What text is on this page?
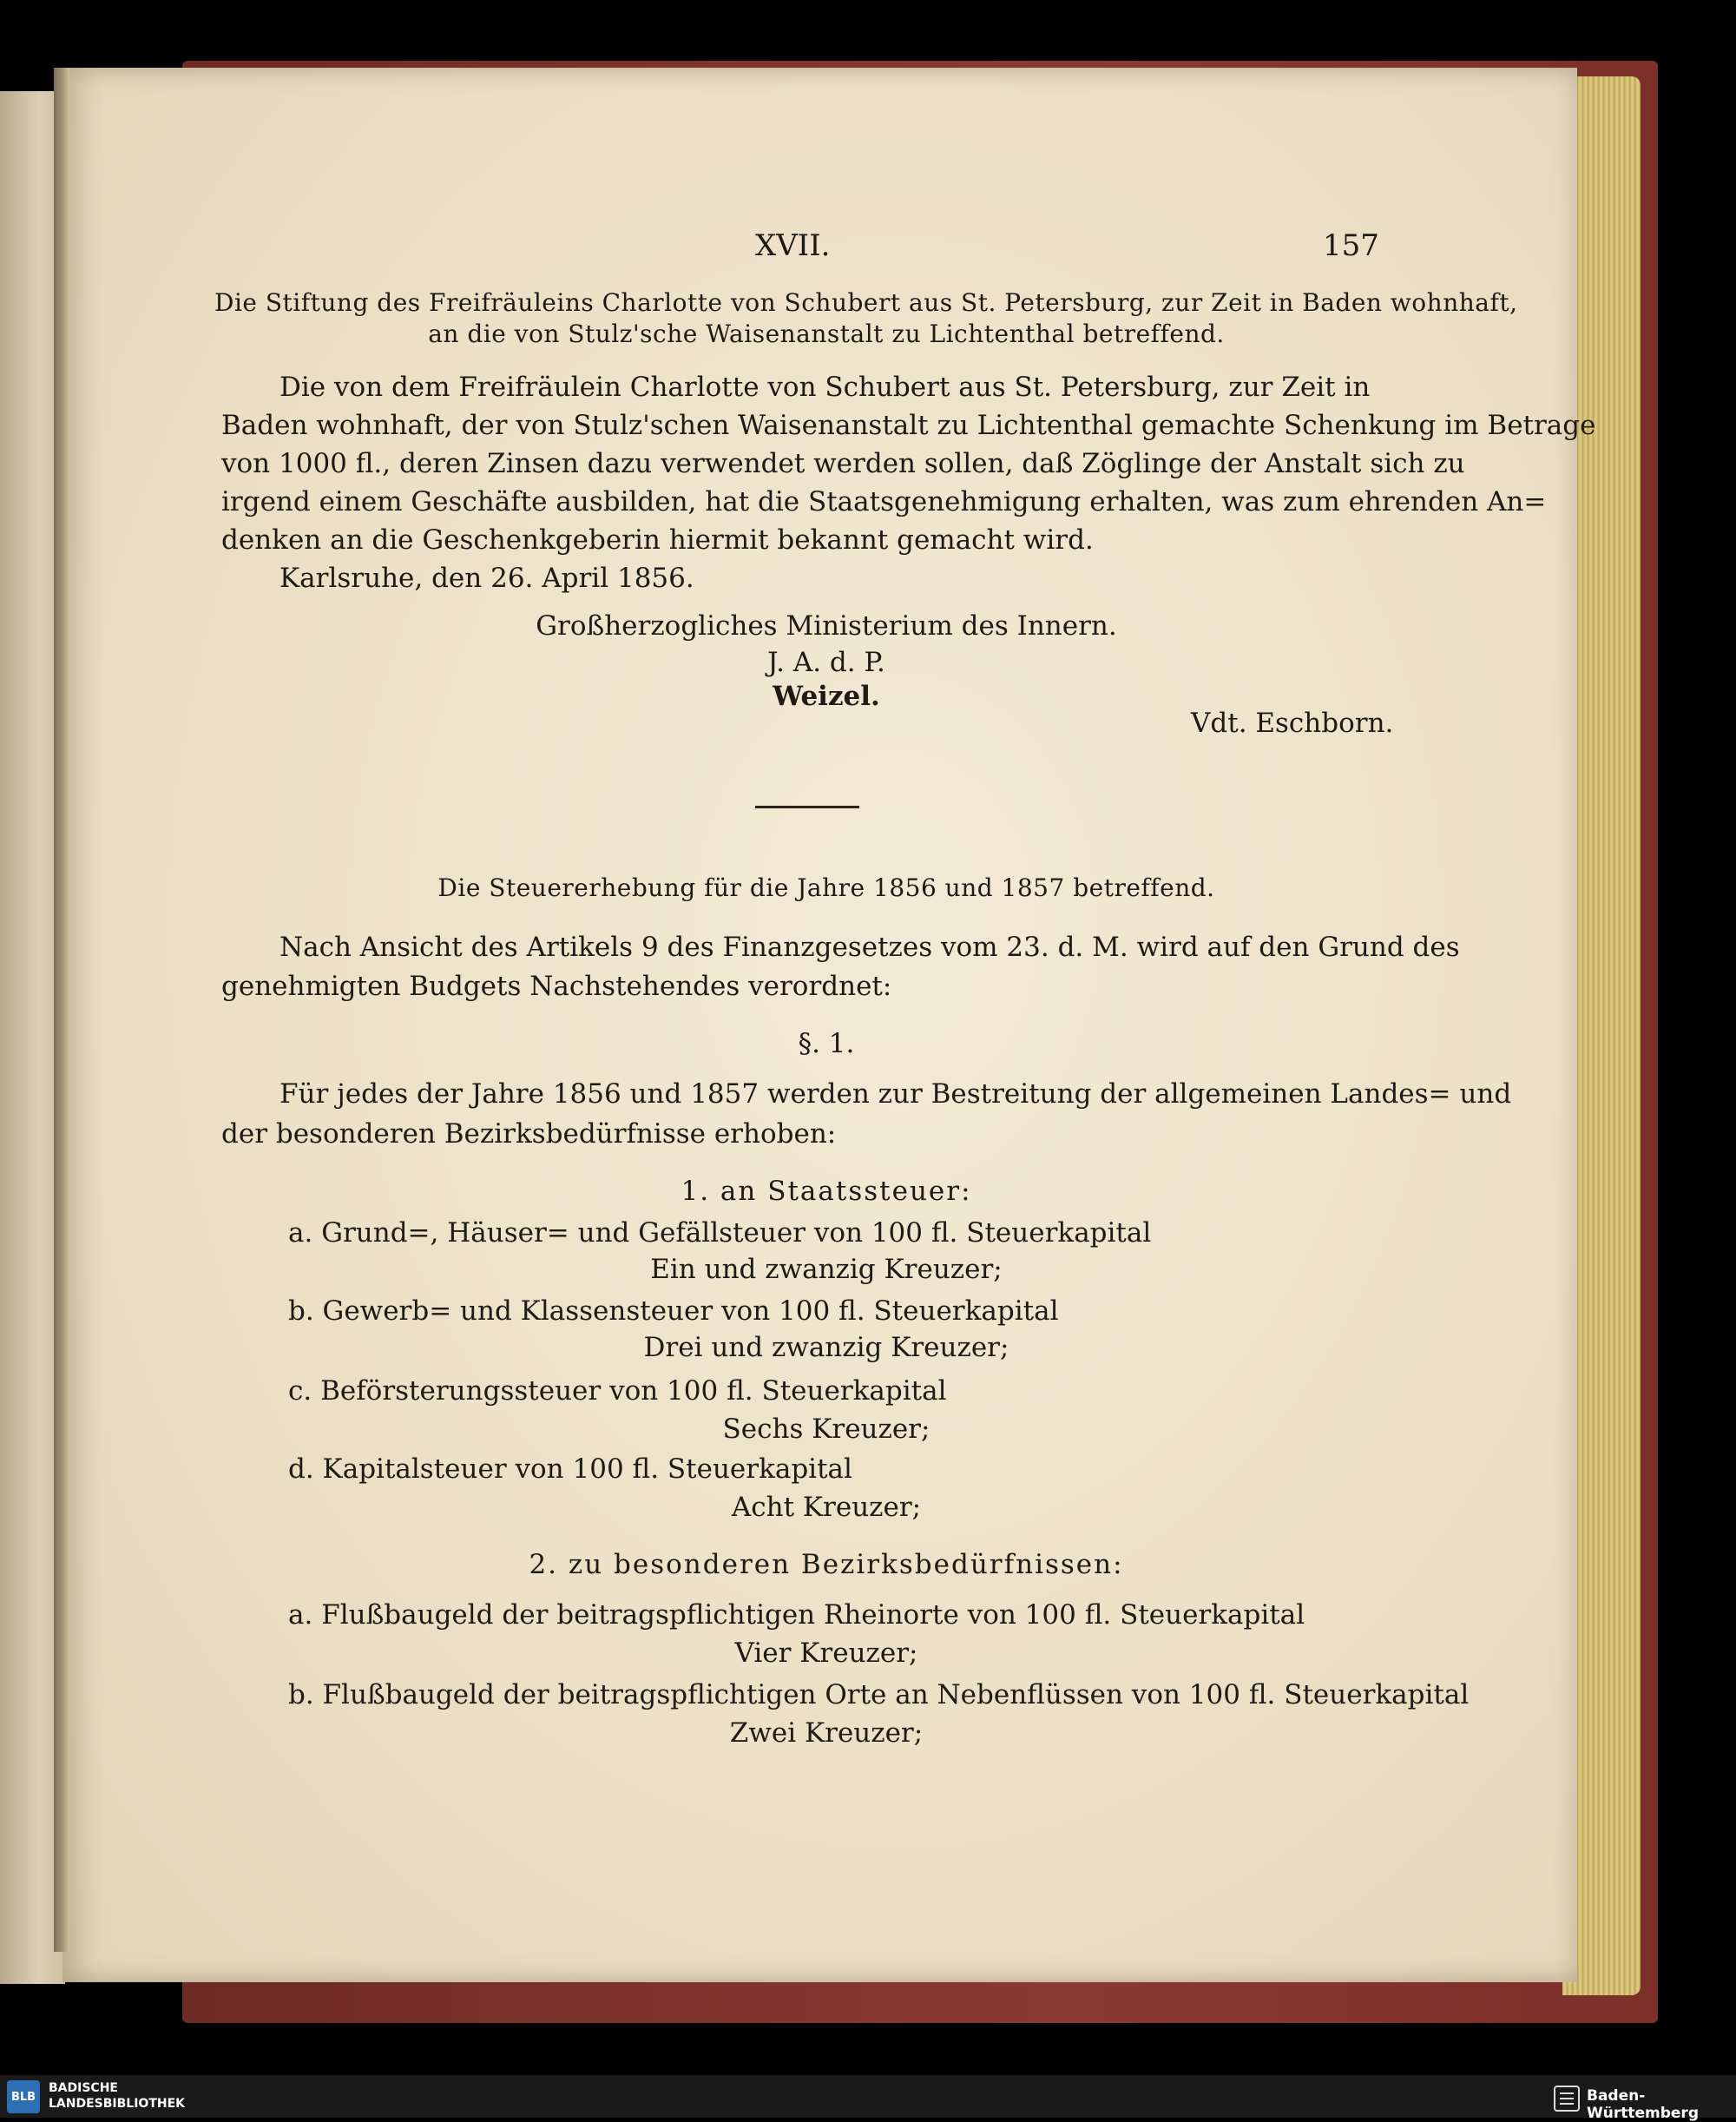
XVII.	157
Die Stiftung des Freifräuleins Charlotte von Schubert aus St. Petersburg, zur Zeit in Baden wohnhaft,
an die von Stulz'sche Waisenanstalt zu Lichtenthal betreffend.
Die von dem Freifräulein Charlotte von Schubert aus St. Petersburg, zur Zeit in
Baden wohnhaft, der von Stulz'schen Waisenanstalt zu Lichtenthal gemachte Schenkung im Betrage
von 1000 fl., deren Zinsen dazu verwendet werden sollen, daß Zöglinge der Anstalt sich zu
irgend einem Geschäfte ausbilden, hat die Staatsgenehmigung erhalten, was zum ehrenden An=
denken an die Geschenkgeberin hiermit bekannt gemacht wird.
Karlsruhe, den 26. April 1856.
Großherzogliches Ministerium des Innern.
J. A. d. P.
Weizel.
Vdt. Eschborn.
Die Steuererhebung für die Jahre 1856 und 1857 betreffend.
Nach Ansicht des Artikels 9 des Finanzgesetzes vom 23. d. M. wird auf den Grund des
genehmigten Budgets Nachstehendes verordnet:
§. 1.
Für jedes der Jahre 1856 und 1857 werden zur Bestreitung der allgemeinen Landes= und
der besonderen Bezirksbedürfnisse erhoben:
1. an Staatssteuer:
a. Grund=, Häuser= und Gefällsteuer von 100 fl. Steuerkapital
Ein und zwanzig Kreuzer;
b. Gewerb= und Klassensteuer von 100 fl. Steuerkapital
Drei und zwanzig Kreuzer;
c. Beförsterungssteuer von 100 fl. Steuerkapital
Sechs Kreuzer;
d. Kapitalsteuer von 100 fl. Steuerkapital
Acht Kreuzer;
2. zu besonderen Bezirksbedürfnissen:
a. Flußbaugeld der beitragspflichtigen Rheinorte von 100 fl. Steuerkapital
Vier Kreuzer;
b. Flußbaugeld der beitragspflichtigen Orte an Nebenflüssen von 100 fl. Steuerkapital
Zwei Kreuzer;
BLB
BADISCHE
LANDESBIBLIOTHEK	Baden-Württemberg
